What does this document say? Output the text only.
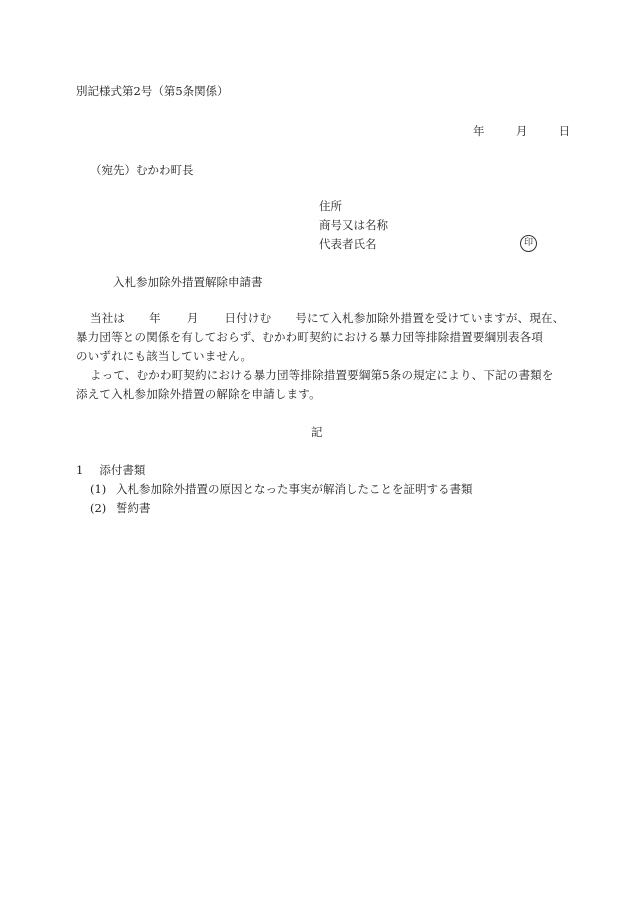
別記様式第2号（第5条関係）
年	月	日
（宛先）むかわ町長
住所
商号又は名称
代表者氏名	印
入札参加除外措置解除申請書
当社は 年 月 日付けむ 号にて入札参加除外措置を受けていますが、現在、
暴力団等との関係を有しておらず、むかわ町契約における暴力団等排除措置要綱別表各項
のいずれにも該当していません。
よって、むかわ町契約における暴力団等排除措置要綱第5条の規定により、下記の書類を
添えて入札参加除外措置の解除を申請します。
記
1 添付書類
(1) 入札参加除外措置の原因となった事実が解消したことを証明する書類
(2) 誓約書
